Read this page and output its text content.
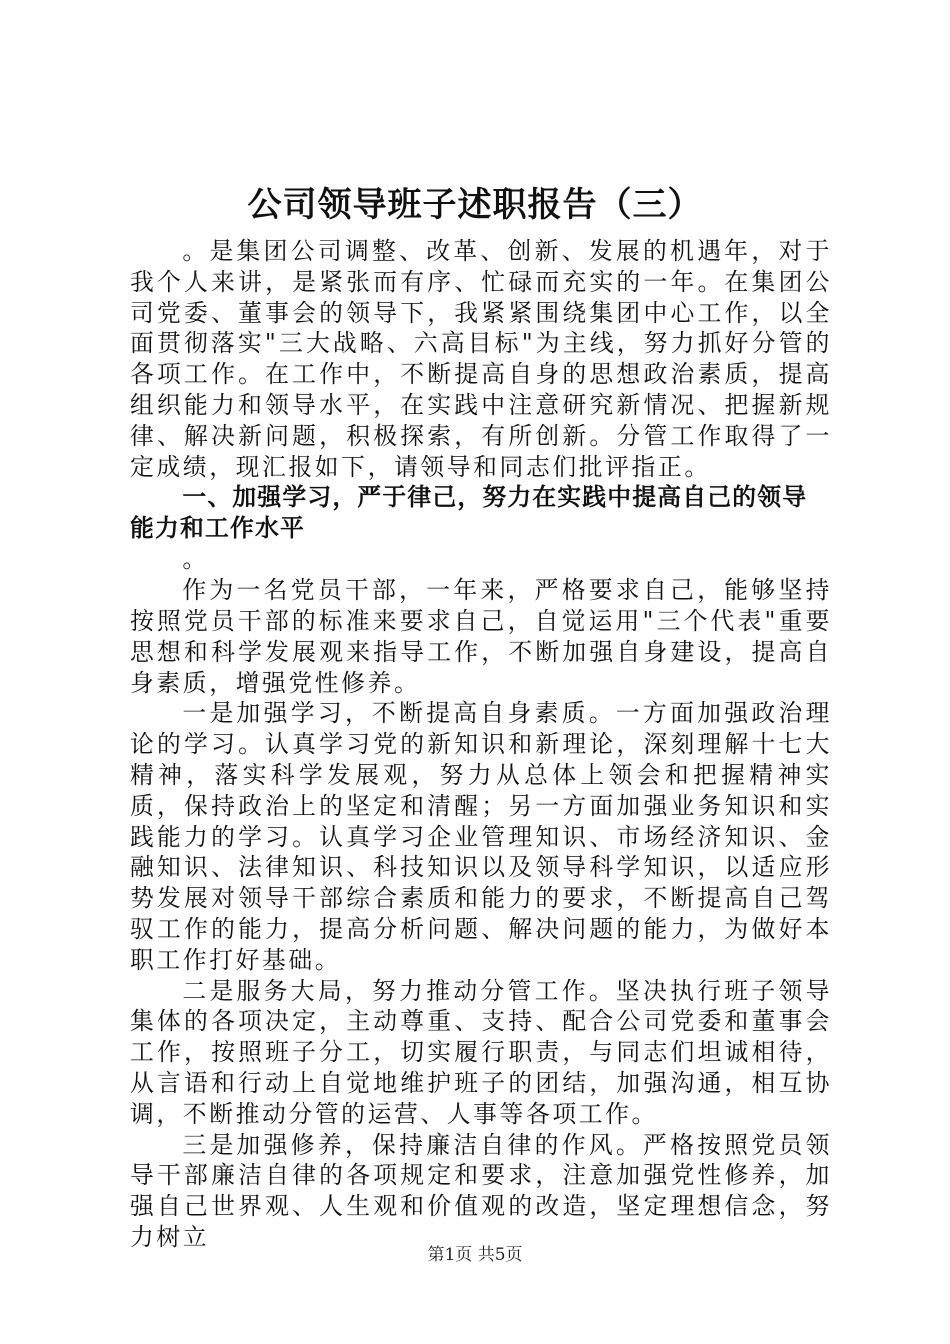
公司领导班子述职报告（三）

。是集团公司调整、改革、创新、发展的机遇年，对于我个人来讲，是紧张而有序、忙碌而充实的一年。在集团公司党委、董事会的领导下，我紧紧围绕集团中心工作，以全面贯彻落实"三大战略、六高目标"为主线，努力抓好分管的各项工作。在工作中，不断提高自身的思想政治素质，提高组织能力和领导水平，在实践中注意研究新情况、把握新规律、解决新问题，积极探索，有所创新。分管工作取得了一定成绩，现汇报如下，请领导和同志们批评指正。

一、加强学习，严于律己，努力在实践中提高自己的领导能力和工作水平

。

作为一名党员干部，一年来，严格要求自己，能够坚持按照党员干部的标准来要求自己，自觉运用"三个代表"重要思想和科学发展观来指导工作，不断加强自身建设，提高自身素质，增强党性修养。

一是加强学习，不断提高自身素质。一方面加强政治理论的学习。认真学习党的新知识和新理论，深刻理解十七大精神，落实科学发展观，努力从总体上领会和把握精神实质，保持政治上的坚定和清醒；另一方面加强业务知识和实践能力的学习。认真学习企业管理知识、市场经济知识、金融知识、法律知识、科技知识以及领导科学知识，以适应形势发展对领导干部综合素质和能力的要求，不断提高自己驾驭工作的能力，提高分析问题、解决问题的能力，为做好本职工作打好基础。

二是服务大局，努力推动分管工作。坚决执行班子领导集体的各项决定，主动尊重、支持、配合公司党委和董事会工作，按照班子分工，切实履行职责，与同志们坦诚相待，从言语和行动上自觉地维护班子的团结，加强沟通，相互协调，不断推动分管的运营、人事等各项工作。

三是加强修养，保持廉洁自律的作风。严格按照党员领导干部廉洁自律的各项规定和要求，注意加强党性修养，加强自己世界观、人生观和价值观的改造，坚定理想信念，努力树立

第1页 共5页
